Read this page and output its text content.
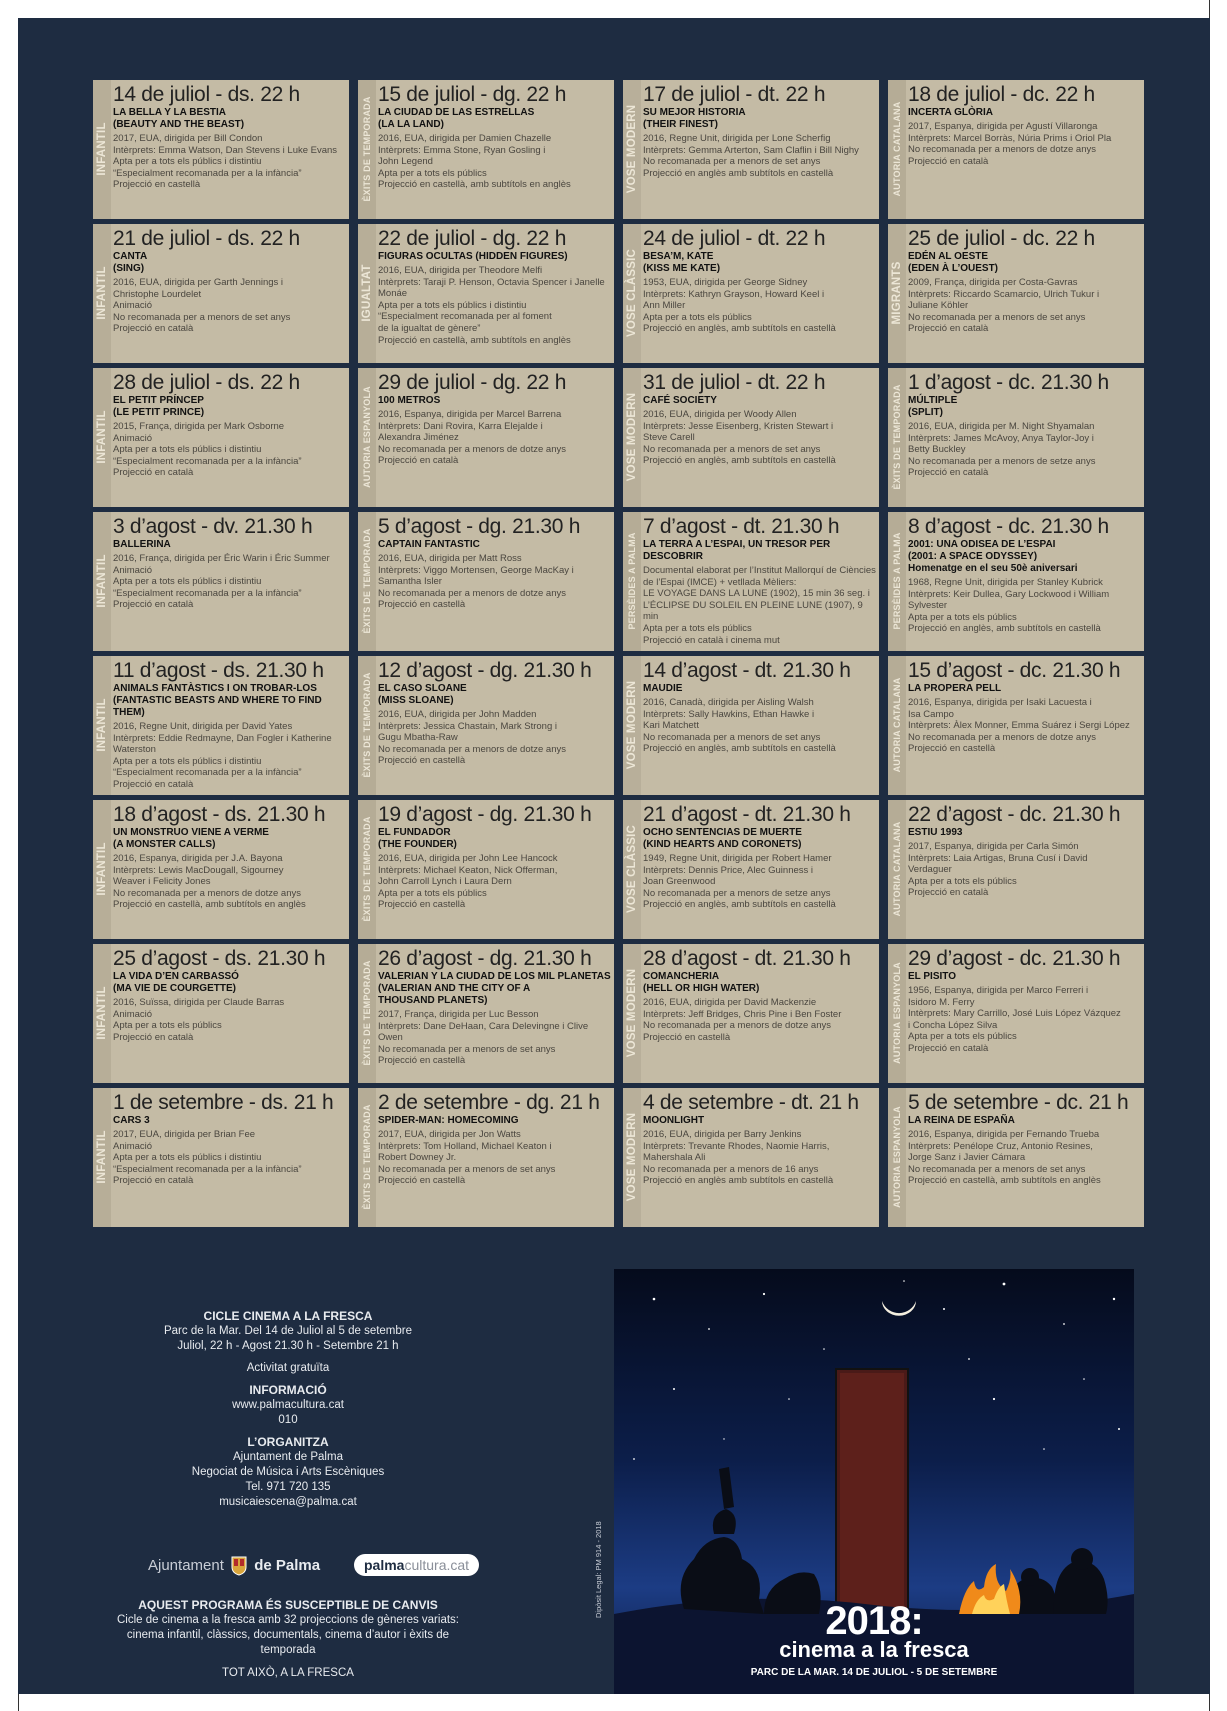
INFANTIL
14 de juliol - ds. 22 h
LA BELLA Y LA BESTIA
(BEAUTY AND THE BEAST)
2017, EUA, dirigida per Bill Condon
Intèrprets: Emma Watson, Dan Stevens i Luke Evans
Apta per a tots els públics i distintiu
“Especialment recomanada per a la infància”
Projecció en castellà	ÈXITS DE TEMPORADA
15 de juliol - dg. 22 h
LA CIUDAD DE LAS ESTRELLAS
(LA LA LAND)
2016, EUA, dirigida per Damien Chazelle
Intèrprets: Emma Stone, Ryan Gosling i
John Legend
Apta per a tots els públics
Projecció en castellà, amb subtítols en anglès	VOSE MODERN
17 de juliol - dt. 22 h
SU MEJOR HISTORIA
(THEIR FINEST)
2016, Regne Unit, dirigida per Lone Scherfig
Intèrprets: Gemma Arterton, Sam Claflin i Bill Nighy
No recomanada per a menors de set anys
Projecció en anglès amb subtítols en castellà	AUTORIA CATALANA
18 de juliol - dc. 22 h
INCERTA GLÒRIA
2017, Espanya, dirigida per Agustí Villaronga
Intèrprets: Marcel Borràs, Núria Prims i Oriol Pla
No recomanada per a menors de dotze anys
Projecció en català
INFANTIL
21 de juliol - ds. 22 h
CANTA
(SING)
2016, EUA, dirigida per Garth Jennings i
Christophe Lourdelet
Animació
No recomanada per a menors de set anys
Projecció en català
IGUALTAT
22 de juliol - dg. 22 h
FIGURAS OCULTAS (HIDDEN FIGURES)
2016, EUA, dirigida per Theodore Melfi
Intèrprets: Taraji P. Henson, Octavia Spencer i Janelle Monáe
Apta per a tots els públics i distintiu
“Especialment recomanada per al foment
de la igualtat de gènere”
Projecció en castellà, amb subtítols en anglès
VOSE CLÀSSIC
24 de juliol - dt. 22 h
BESA’M, KATE
(KISS ME KATE)
1953, EUA, dirigida per George Sidney
Intèrprets: Kathryn Grayson, Howard Keel i
Ann Miller
Apta per a tots els públics
Projecció en anglès, amb subtítols en castellà
MIGRANTS
25 de juliol - dc. 22 h
EDÉN AL OESTE
(EDEN À L’OUEST)
2009, França, dirigida per Costa-Gavras
Intèrprets: Riccardo Scamarcio, Ulrich Tukur i
Juliane Köhler
No recomanada per a menors de set anys
Projecció en català
INFANTIL
28 de juliol - ds. 22 h
EL PETIT PRÍNCEP
(LE PETIT PRINCE)
2015, França, dirigida per Mark Osborne
Animació
Apta per a tots els públics i distintiu
“Especialment recomanada per a la infància”
Projecció en català	AUTORIA ESPANYOLA
29 de juliol - dg. 22 h
100 METROS
2016, Espanya, dirigida per Marcel Barrena
Intèrprets: Dani Rovira, Karra Elejalde i
Alexandra Jiménez
No recomanada per a menors de dotze anys
Projecció en català	VOSE MODERN
31 de juliol - dt. 22 h
CAFÉ SOCIETY
2016, EUA, dirigida per Woody Allen
Intèrprets: Jesse Eisenberg, Kristen Stewart i
Steve Carell
No recomanada per a menors de set anys
Projecció en anglès, amb subtítols en castellà	ÈXITS DE TEMPORADA
1 d’agost - dc. 21.30 h
MÚLTIPLE
(SPLIT)
2016, EUA, dirigida per M. Night Shyamalan
Intèrprets: James McAvoy, Anya Taylor-Joy i
Betty Buckley
No recomanada per a menors de setze anys
Projecció en català
INFANTIL
3 d’agost - dv. 21.30 h
BALLERINA
2016, França, dirigida per Éric Warin i Éric Summer
Animació
Apta per a tots els públics i distintiu
“Especialment recomanada per a la infància”
Projecció en català	ÈXITS DE TEMPORADA
5 d’agost - dg. 21.30 h
CAPTAIN FANTASTIC
2016, EUA, dirigida per Matt Ross
Intèrprets: Viggo Mortensen, George MacKay i
Samantha Isler
No recomanada per a menors de dotze anys
Projecció en castellà	PERSÈIDES A PALMA
7 d’agost - dt. 21.30 h
LA TERRA A L’ESPAI, UN TRESOR PER DESCOBRIR
Documental elaborat per l’Institut Mallorquí de Ciències
de l’Espai (IMCE) + vetllada Mèliers:
LE VOYAGE DANS LA LUNE (1902), 15 min 36 seg. i
L’ÉCLIPSE DU SOLEIL EN PLEINE LUNE (1907), 9 min
Apta per a tots els públics
Projecció en català i cinema mut
PERSÈIDES A PALMA
8 d’agost - dc. 21.30 h
2001: UNA ODISEA DE L’ESPAI
(2001: A SPACE ODYSSEY)
Homenatge en el seu 50è aniversari
1968, Regne Unit, dirigida per Stanley Kubrick
Intèrprets: Keir Dullea, Gary Lockwood i William Sylvester
Apta per a tots els públics
Projecció en anglès, amb subtítols en castellà
INFANTIL
11 d’agost - ds. 21.30 h
ANIMALS FANTÀSTICS I ON TROBAR-LOS
(FANTASTIC BEASTS AND WHERE TO FIND THEM)
2016, Regne Unit, dirigida per David Yates
Intèrprets: Eddie Redmayne, Dan Fogler i Katherine Waterston
Apta per a tots els públics i distintiu
“Especialment recomanada per a la infància”
Projecció en català
ÈXITS DE TEMPORADA
12 d’agost - dg. 21.30 h
EL CASO SLOANE
(MISS SLOANE)
2016, EUA, dirigida per John Madden
Intèrprets: Jessica Chastain, Mark Strong i
Gugu Mbatha-Raw
No recomanada per a menors de dotze anys
Projecció en castellà	VOSE MODERN
14 d’agost - dt. 21.30 h
MAUDIE
2016, Canadà, dirigida per Aisling Walsh
Intèrprets: Sally Hawkins, Ethan Hawke i
Kari Matchett
No recomanada per a menors de set anys
Projecció en anglès, amb subtítols en castellà	AUTORIA CATALANA
15 d’agost - dc. 21.30 h
LA PROPERA PELL
2016, Espanya, dirigida per Isaki Lacuesta i
Isa Campo
Intèrprets: Àlex Monner, Emma Suárez i Sergi López
No recomanada per a menors de dotze anys
Projecció en castellà
INFANTIL
18 d’agost - ds. 21.30 h
UN MONSTRUO VIENE A VERME
(A MONSTER CALLS)
2016, Espanya, dirigida per J.A. Bayona
Intèrprets: Lewis MacDougall, Sigourney
Weaver i Felicity Jones
No recomanada per a menors de dotze anys
Projecció en castellà, amb subtítols en anglès	ÈXITS DE TEMPORADA
19 d’agost - dg. 21.30 h
EL FUNDADOR
(THE FOUNDER)
2016, EUA, dirigida per John Lee Hancock
Intèrprets: Michael Keaton, Nick Offerman,
John Carroll Lynch i Laura Dern
Apta per a tots els públics
Projecció en castellà	VOSE CLÀSSIC
21 d’agost - dt. 21.30 h
OCHO SENTENCIAS DE MUERTE
(KIND HEARTS AND CORONETS)
1949, Regne Unit, dirigida per Robert Hamer
Intèrprets: Dennis Price, Alec Guinness i
Joan Greenwood
No recomanada per a menors de setze anys
Projecció en anglès, amb subtítols en castellà	AUTORIA CATALANA
22 d’agost - dc. 21.30 h
ESTIU 1993
2017, Espanya, dirigida per Carla Simón
Intèrprets: Laia Artigas, Bruna Cusí i David
Verdaguer
Apta per a tots els públics
Projecció en català
INFANTIL
25 d’agost - ds. 21.30 h
LA VIDA D’EN CARBASSÓ
(MA VIE DE COURGETTE)
2016, Suïssa, dirigida per Claude Barras
Animació
Apta per a tots els públics
Projecció en català	ÈXITS DE TEMPORADA
26 d’agost - dg. 21.30 h
VALERIAN Y LA CIUDAD DE LOS MIL PLANETAS
(VALERIAN AND THE CITY OF A
THOUSAND PLANETS)
2017, França, dirigida per Luc Besson
Intèrprets: Dane DeHaan, Cara Delevingne i Clive Owen
No recomanada per a menors de set anys
Projecció en castellà
VOSE MODERN
28 d’agost - dt. 21.30 h
COMANCHERIA
(HELL OR HIGH WATER)
2016, EUA, dirigida per David Mackenzie
Intèrprets: Jeff Bridges, Chris Pine i Ben Foster
No recomanada per a menors de dotze anys
Projecció en castellà	AUTORIA ESPANYOLA
29 d’agost - dc. 21.30 h
EL PISITO
1956, Espanya, dirigida per Marco Ferreri i
Isidoro M. Ferry
Intèrprets: Mary Carrillo, José Luis López Vázquez
i Concha López Silva
Apta per a tots els públics
Projecció en català
INFANTIL
1 de setembre - ds. 21 h
CARS 3
2017, EUA, dirigida per Brian Fee
Animació
Apta per a tots els públics i distintiu
“Especialment recomanada per a la infància”
Projecció en català	ÈXITS DE TEMPORADA
2 de setembre - dg. 21 h
SPIDER-MAN: HOMECOMING
2017, EUA, dirigida per Jon Watts
Intèrprets: Tom Holland, Michael Keaton i
Robert Downey Jr.
No recomanada per a menors de set anys
Projecció en castellà	VOSE MODERN
4 de setembre - dt. 21 h
MOONLIGHT
2016, EUA, dirigida per Barry Jenkins
Intèrprets: Trevante Rhodes, Naomie Harris,
Mahershala Ali
No recomanada per a menors de 16 anys
Projecció en anglès amb subtítols en castellà	AUTORIA ESPANYOLA
5 de setembre - dc. 21 h
LA REINA DE ESPAÑA
2016, Espanya, dirigida per Fernando Trueba
Intèrprets: Penélope Cruz, Antonio Resines,
Jorge Sanz i Javier Cámara
No recomanada per a menors de set anys
Projecció en castellà, amb subtítols en anglès
CICLE CINEMA A LA FRESCA
Parc de la Mar. Del 14 de Juliol al 5 de setembre
Juliol, 22 h - Agost 21.30 h - Setembre 21 h
Activitat gratuïta
INFORMACIÓ
www.palmacultura.cat
010
L’ORGANITZA
Ajuntament de Palma
Negociat de Música i Arts Escèniques
Tel. 971 720 135
musicaiescena@palma.cat
Ajuntament de Palma	palmacultura.cat
AQUEST PROGRAMA ÉS SUSCEPTIBLE DE CANVIS
Cicle de cinema a la fresca amb 32 projeccions de gèneres variats:
cinema infantil, clàssics, documentals, cinema d’autor i èxits de temporada
TOT AIXÒ, A LA FRESCA
Dipòsit Legal: PM 914 - 2018
2018:
cinema a la fresca
PARC DE LA MAR. 14 DE JULIOL - 5 DE SETEMBRE
